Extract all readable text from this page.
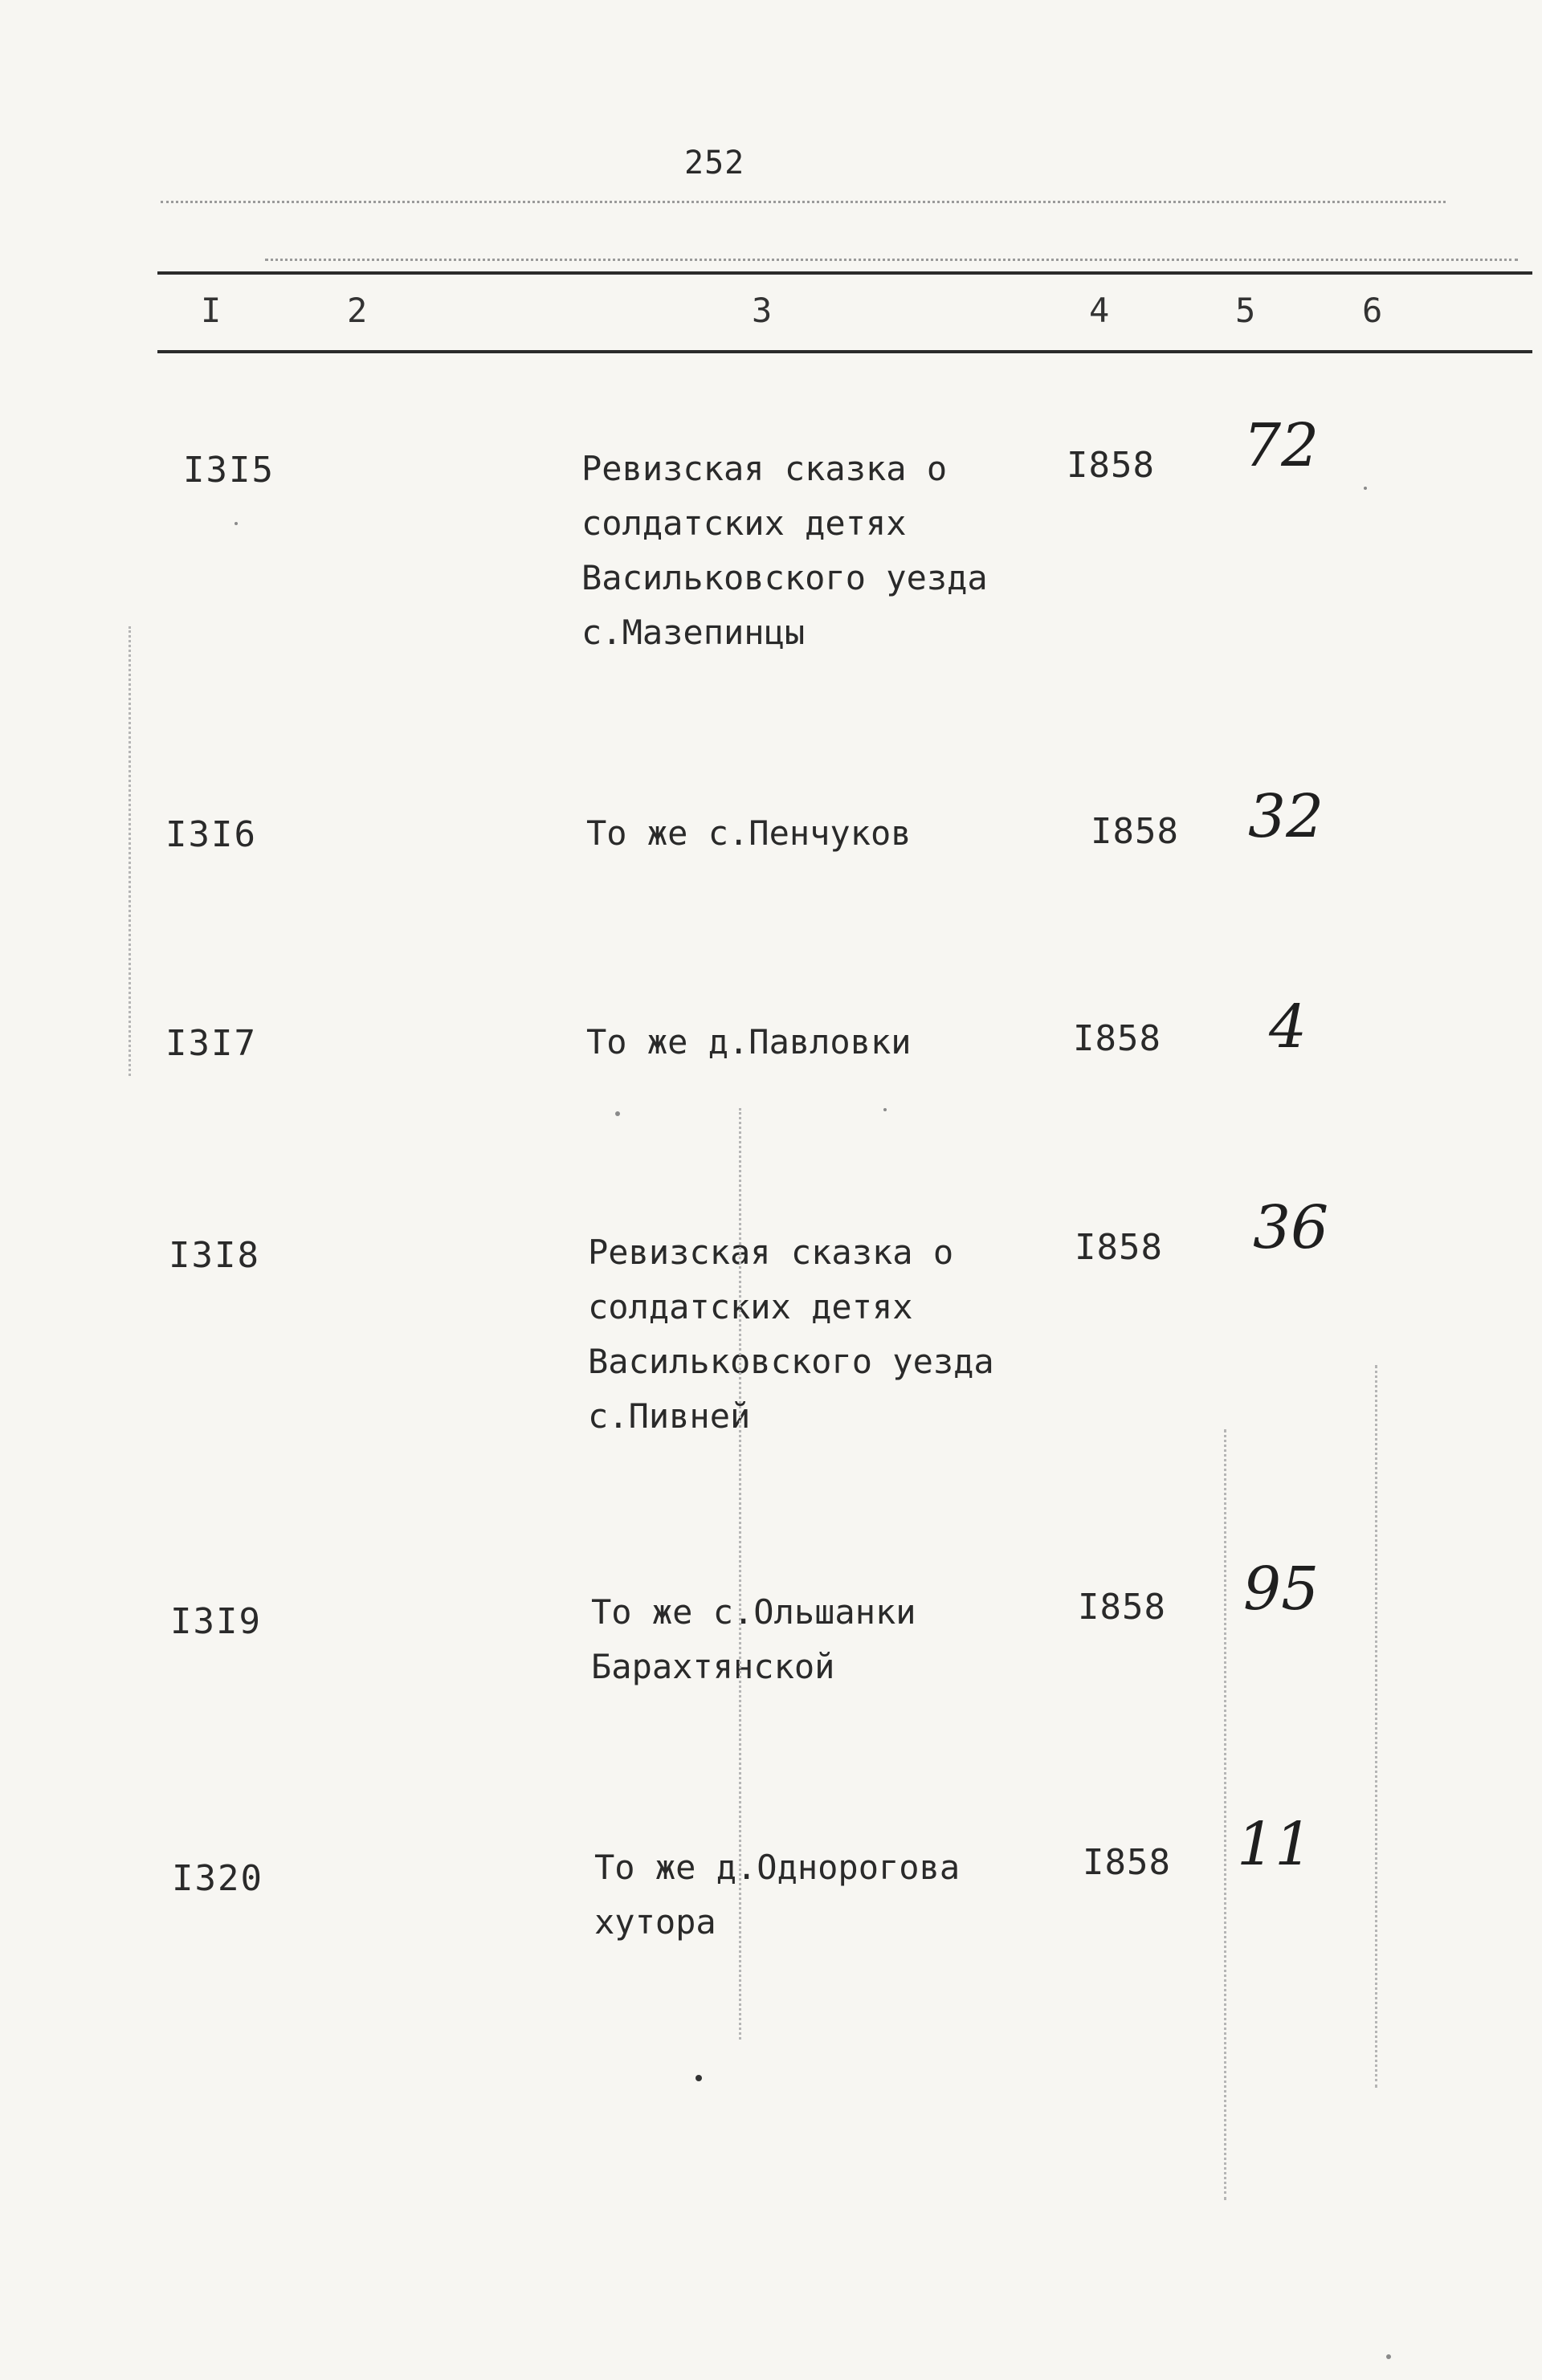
252
I	2	3	4	5	6
I3I5	Ревизская сказка о
солдатских детях
Васильковского уезда
с.Мазепинцы
I858 72
I3I6	То же с.Пенчуков	I858 32
I3I7	То же д.Павловки	I858 4
I3I8	Ревизская сказка о
солдатских детях
Васильковского уезда
с.Пивней
I858 36
I3I9	То же с.Ольшанки
Барахтянской
I858 95
I320	То же д.Однорогова
хутора
I858 11
